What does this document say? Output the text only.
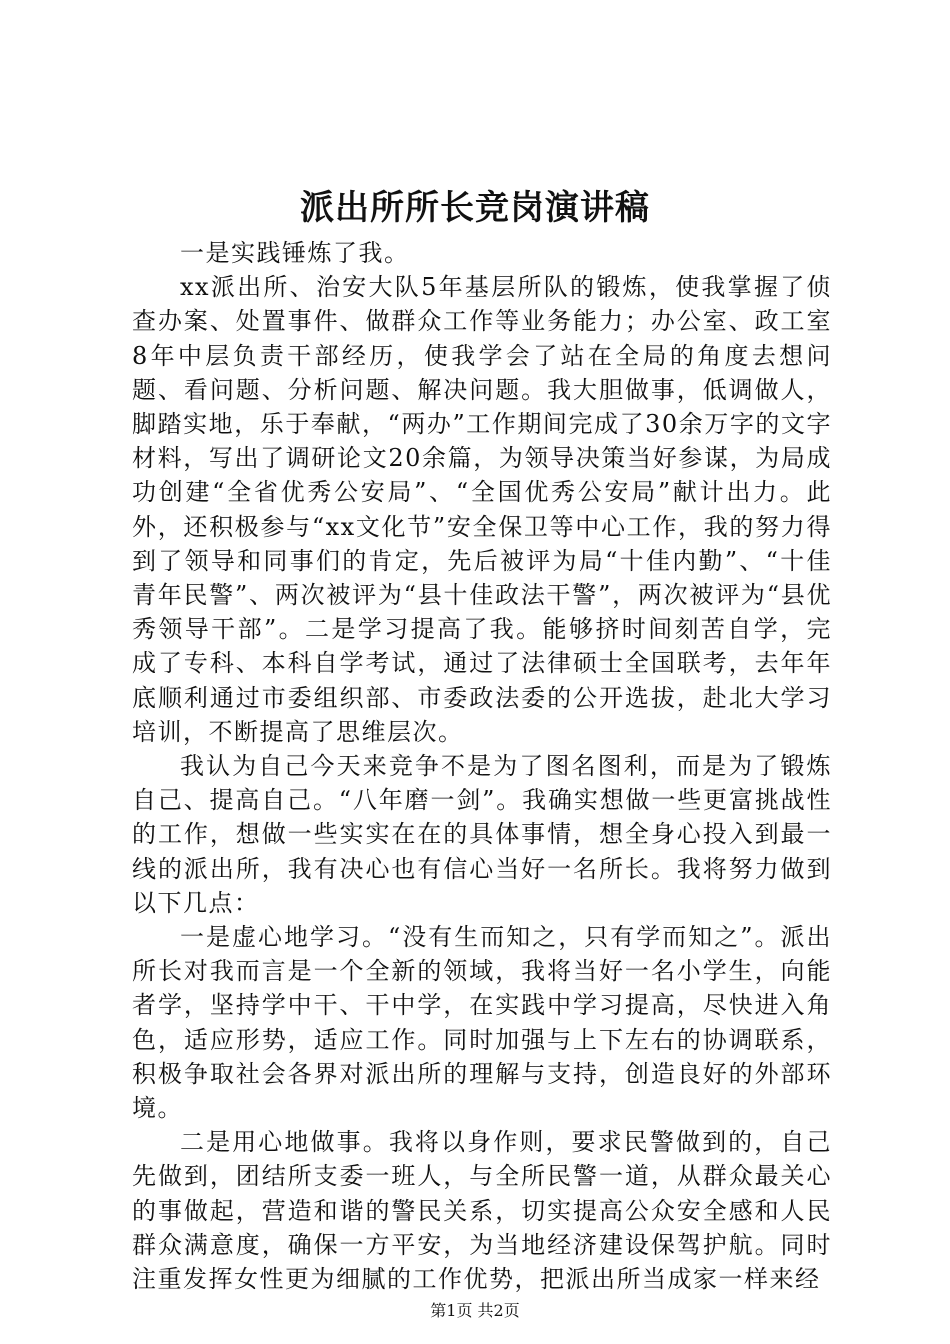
派出所所长竞岗演讲稿

一是实践锤炼了我。

xx派出所、治安大队5年基层所队的锻炼，使我掌握了侦查办案、处置事件、做群众工作等业务能力；办公室、政工室8年中层负责干部经历，使我学会了站在全局的角度去想问题、看问题、分析问题、解决问题。我大胆做事，低调做人，脚踏实地，乐于奉献，“两办”工作期间完成了30余万字的文字材料，写出了调研论文20余篇，为领导决策当好参谋，为局成功创建“全省优秀公安局”、“全国优秀公安局”献计出力。此外，还积极参与“xx文化节”安全保卫等中心工作，我的努力得到了领导和同事们的肯定，先后被评为局“十佳内勤”、“十佳青年民警”、两次被评为“县十佳政法干警”，两次被评为“县优秀领导干部”。二是学习提高了我。能够挤时间刻苦自学，完成了专科、本科自学考试，通过了法律硕士全国联考，去年年底顺利通过市委组织部、市委政法委的公开选拔，赴北大学习培训，不断提高了思维层次。

我认为自己今天来竞争不是为了图名图利，而是为了锻炼自己、提高自己。“八年磨一剑”。我确实想做一些更富挑战性的工作，想做一些实实在在的具体事情，想全身心投入到最一线的派出所，我有决心也有信心当好一名所长。我将努力做到以下几点：

一是虚心地学习。“没有生而知之，只有学而知之”。派出所长对我而言是一个全新的领域，我将当好一名小学生，向能者学，坚持学中干、干中学，在实践中学习提高，尽快进入角色，适应形势，适应工作。同时加强与上下左右的协调联系，积极争取社会各界对派出所的理解与支持，创造良好的外部环境。

二是用心地做事。我将以身作则，要求民警做到的，自己先做到，团结所支委一班人，与全所民警一道，从群众最关心的事做起，营造和谐的警民关系，切实提高公众安全感和人民群众满意度，确保一方平安，为当地经济建设保驾护航。同时注重发挥女性更为细腻的工作优势，把派出所当成家一样来经

第1页 共2页
